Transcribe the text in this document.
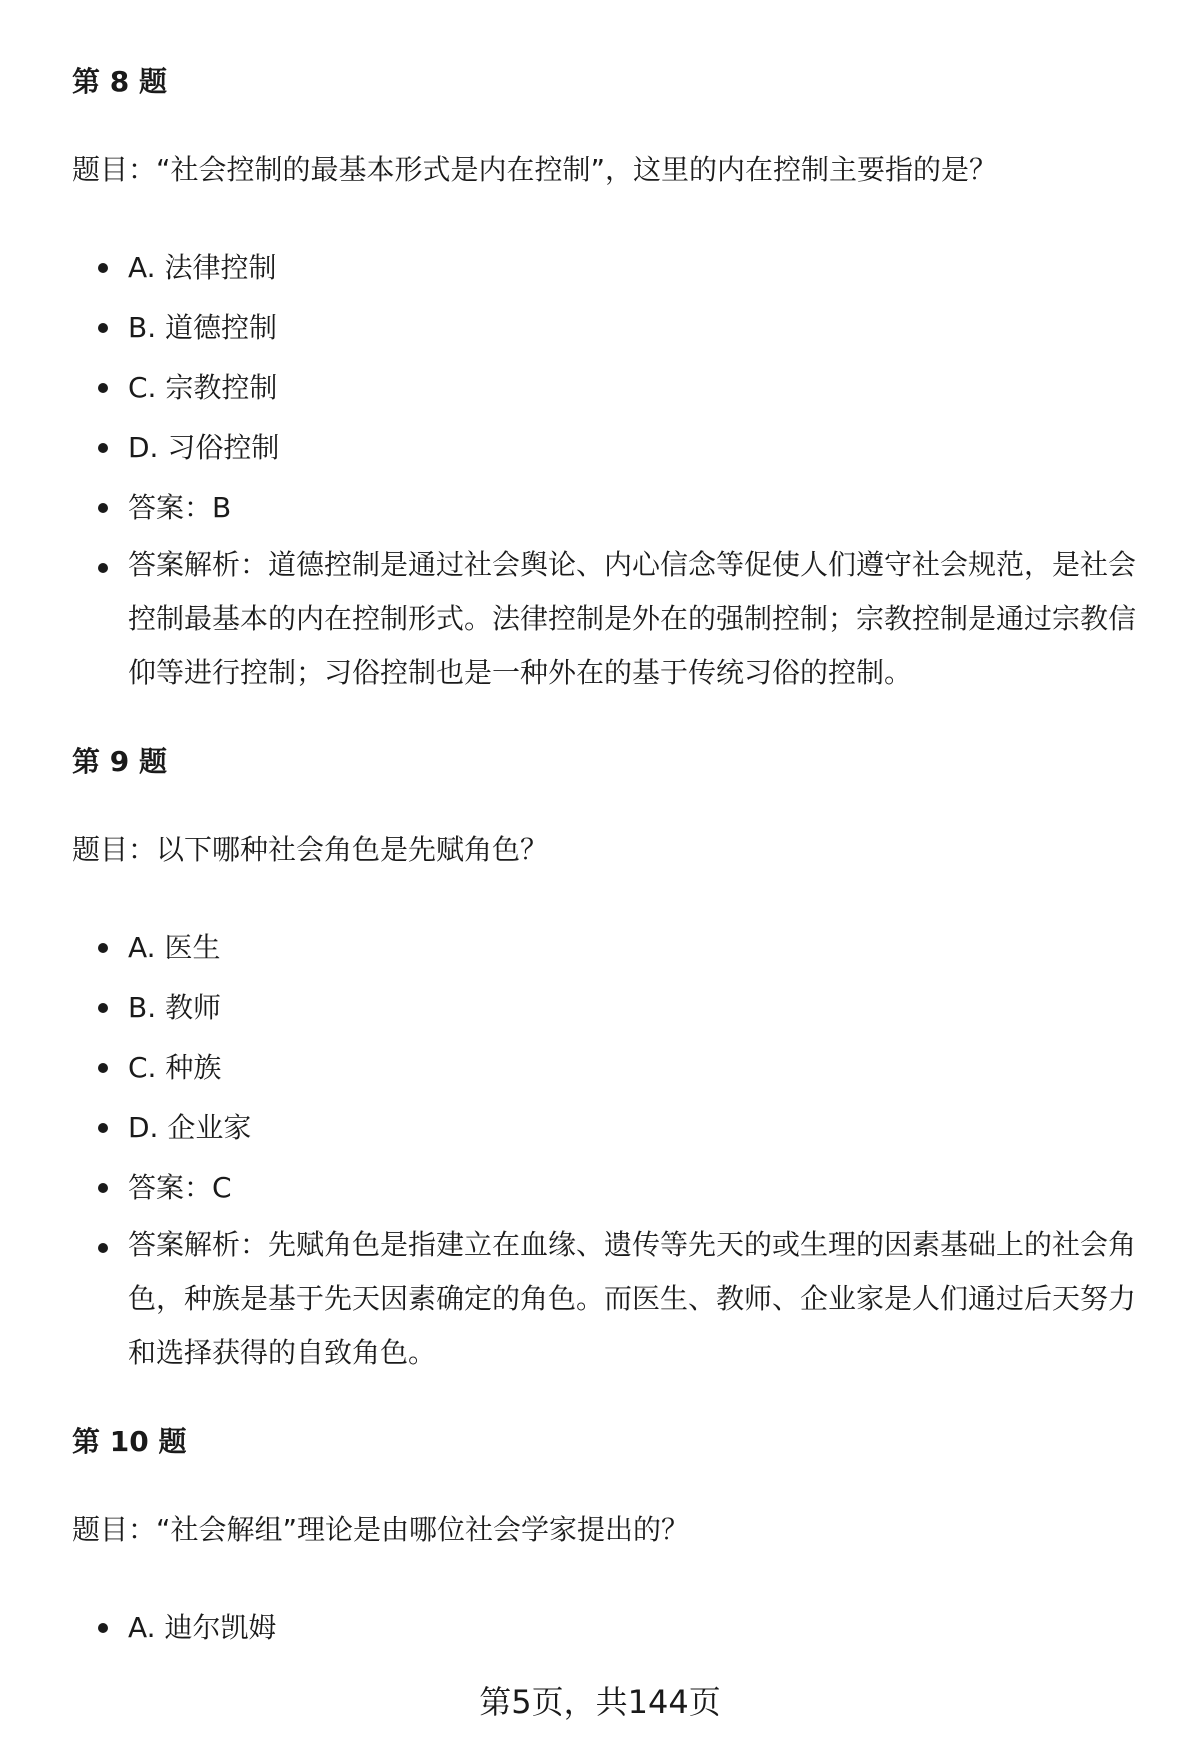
第 8 题
题目：“社会控制的最基本形式是内在控制”，这里的内在控制主要指的是？
A. 法律控制
B. 道德控制
C. 宗教控制
D. 习俗控制
答案：B
答案解析：道德控制是通过社会舆论、内心信念等促使人们遵守社会规范，是社会控制最基本的内在控制形式。法律控制是外在的强制控制；宗教控制是通过宗教信仰等进行控制；习俗控制也是一种外在的基于传统习俗的控制。
第 9 题
题目：以下哪种社会角色是先赋角色？
A. 医生
B. 教师
C. 种族
D. 企业家
答案：C
答案解析：先赋角色是指建立在血缘、遗传等先天的或生理的因素基础上的社会角色，种族是基于先天因素确定的角色。而医生、教师、企业家是人们通过后天努力和选择获得的自致角色。
第 10 题
题目：“社会解组”理论是由哪位社会学家提出的？
A. 迪尔凯姆
第5页，共144页
